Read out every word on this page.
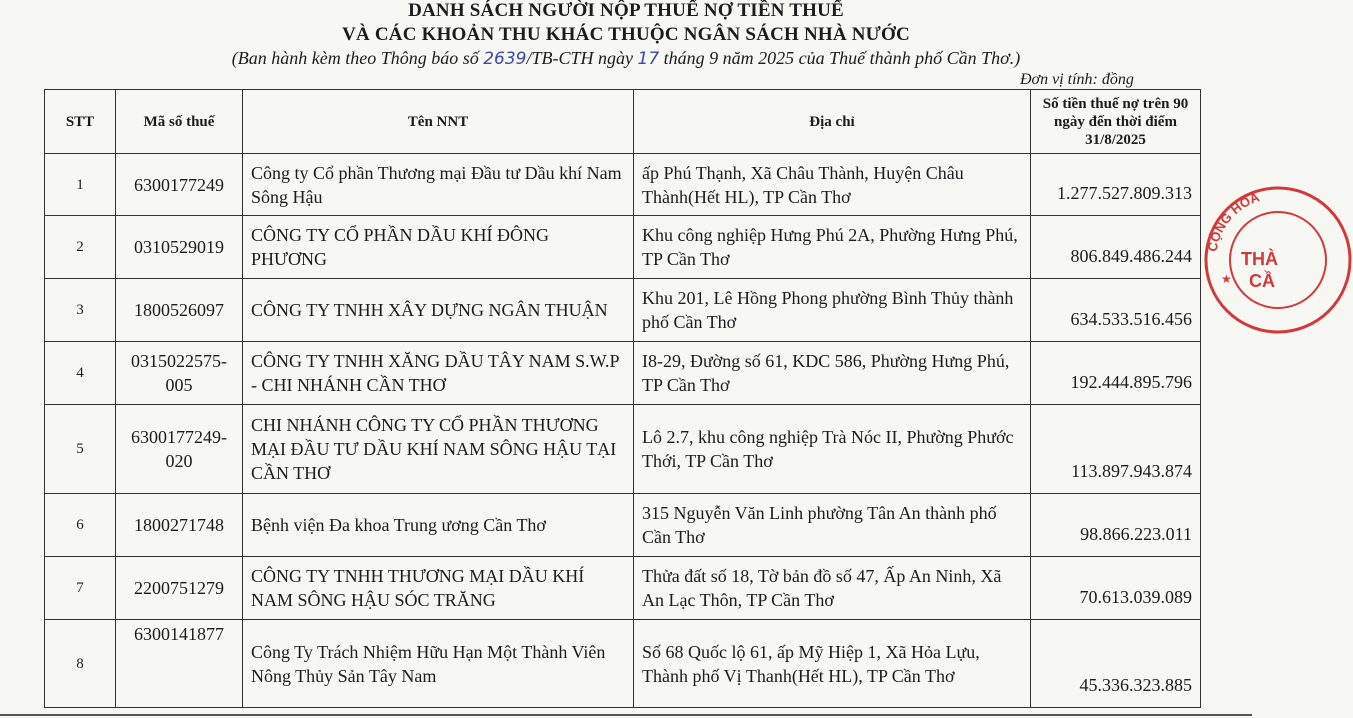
DANH SÁCH NGƯỜI NỘP THUẾ NỢ TIỀN THUẾ
VÀ CÁC KHOẢN THU KHÁC THUỘC NGÂN SÁCH NHÀ NƯỚC
(Ban hành kèm theo Thông báo số 2639/TB-CTH ngày 17 tháng 9 năm 2025 của Thuế thành phố Cần Thơ.)
Đơn vị tính: đồng
STT	Mã số thuế	Tên NNT	Địa chỉ	Số tiền thuế nợ trên 90 ngày đến thời điểm 31/8/2025
1	6300177249	Công ty Cổ phần Thương mại Đầu tư Dầu khí Nam Sông Hậu	ấp Phú Thạnh, Xã Châu Thành, Huyện Châu Thành(Hết HL), TP Cần Thơ	1.277.527.809.313
2	0310529019	CÔNG TY CỔ PHẦN DẦU KHÍ ĐÔNG PHƯƠNG	Khu công nghiệp Hưng Phú 2A, Phường Hưng Phú, TP Cần Thơ	806.849.486.244
3	1800526097	CÔNG TY TNHH XÂY DỰNG NGÂN THUẬN	Khu 201, Lê Hồng Phong phường Bình Thủy thành phố Cần Thơ	634.533.516.456
4	0315022575-005	CÔNG TY TNHH XĂNG DẦU TÂY NAM S.W.P - CHI NHÁNH CẦN THƠ	I8-29, Đường số 61, KDC 586, Phường Hưng Phú, TP Cần Thơ	192.444.895.796
5	6300177249-020	CHI NHÁNH CÔNG TY CỔ PHẦN THƯƠNG MẠI ĐẦU TƯ DẦU KHÍ NAM SÔNG HẬU TẠI CẦN THƠ	Lô 2.7, khu công nghiệp Trà Nóc II, Phường Phước Thới, TP Cần Thơ	113.897.943.874
6	1800271748	Bệnh viện Đa khoa Trung ương Cần Thơ	315 Nguyễn Văn Linh phường Tân An thành phố Cần Thơ	98.866.223.011
7	2200751279	CÔNG TY TNHH THƯƠNG MẠI DẦU KHÍ NAM SÔNG HẬU SÓC TRĂNG	Thửa đất số 18, Tờ bản đồ số 47, Ấp An Ninh, Xã An Lạc Thôn, TP Cần Thơ	70.613.039.089
8	6300141877	Công Ty Trách Nhiệm Hữu Hạn Một Thành Viên Nông Thủy Sản Tây Nam	Số 68 Quốc lộ 61, ấp Mỹ Hiệp 1, Xã Hỏa Lựu, Thành phố Vị Thanh(Hết HL), TP Cần Thơ	45.336.323.885
CỘNG HÒA
★
THÀ
CẦ
